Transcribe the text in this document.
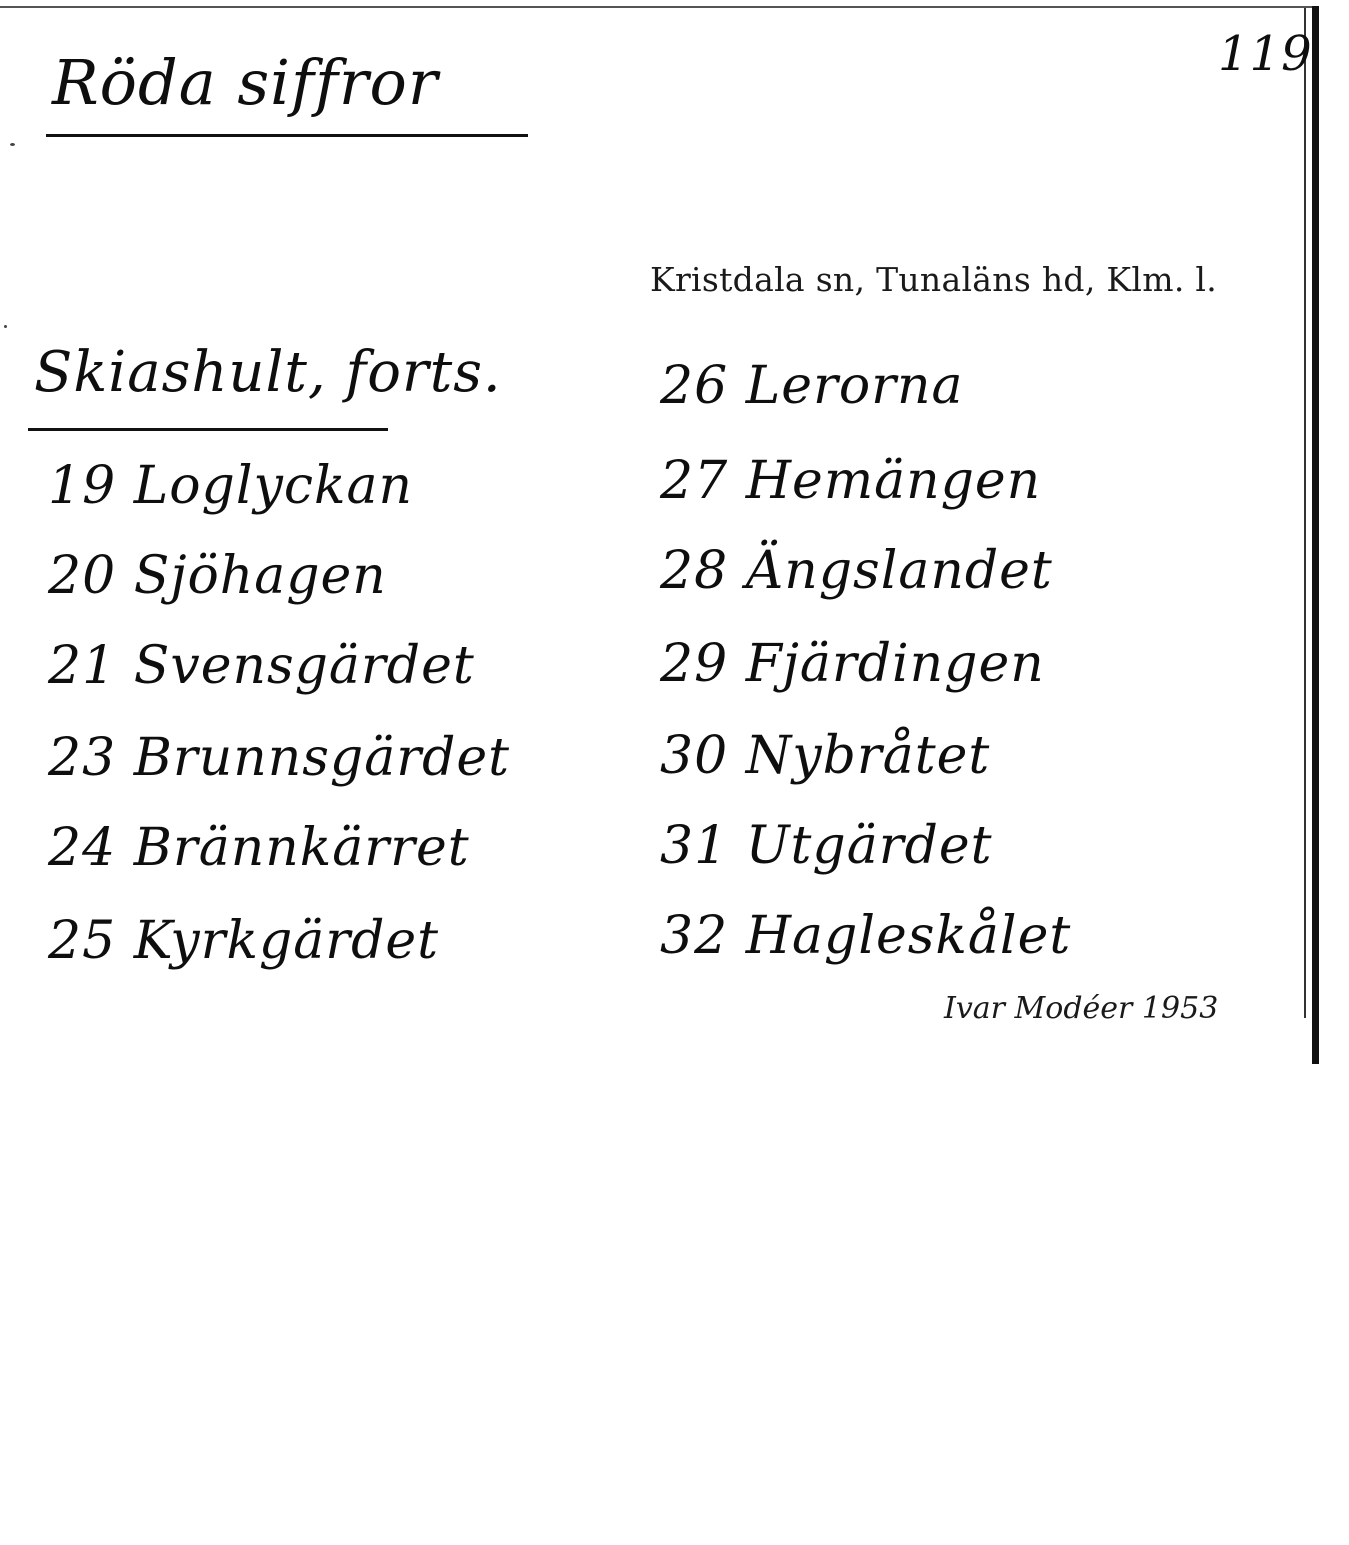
Röda siffror	119
Kristdala sn, Tunaläns hd, Klm. l.
Skiashult, forts.
19 Loglyckan
20 Sjöhagen
21 Svensgärdet
23 Brunnsgärdet
24 Brännkärret
25 Kyrkgärdet
26 Lerorna
27 Hemängen
28 Ängslandet
29 Fjärdingen
30 Nybråtet
31 Utgärdet
32 Hagleskålet
Ivar Modéer 1953
